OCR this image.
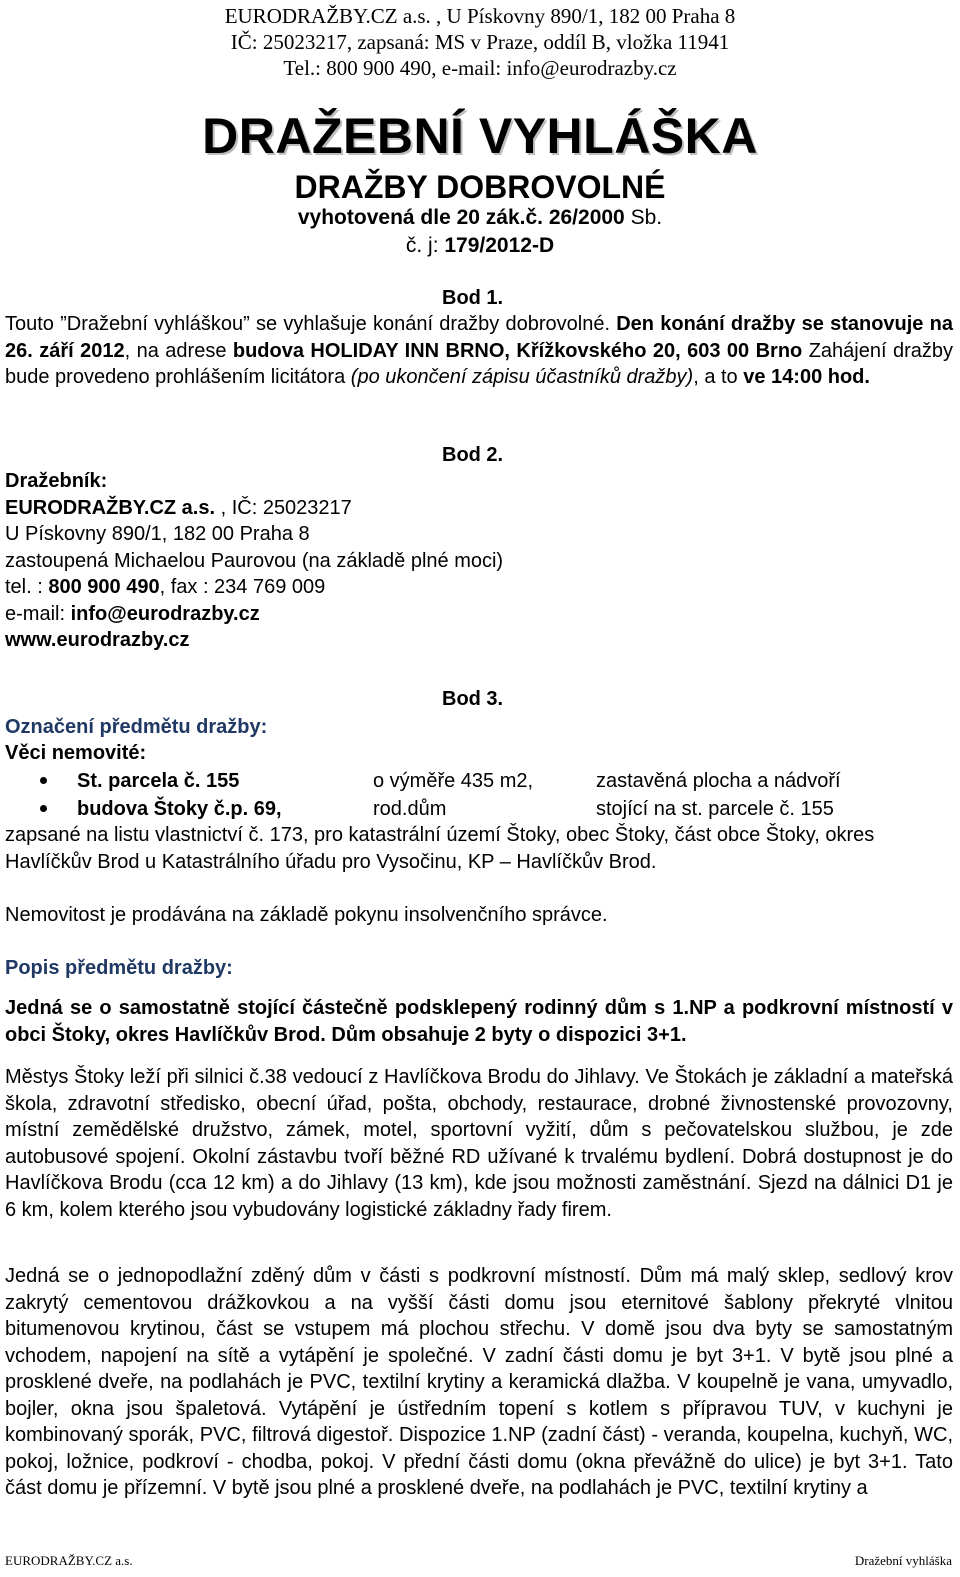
EURODRAŽBY.CZ a.s. , U Pískovny 890/1, 182 00 Praha 8
IČ: 25023217, zapsaná: MS v Praze, oddíl B, vložka 11941
Tel.: 800 900 490, e-mail: info@eurodrazby.cz
DRAŽEBNÍ VYHLÁŠKA
DRAŽBY DOBROVOLNÉ
vyhotovená dle 20 zák.č. 26/2000 Sb.
č. j: 179/2012-D
Bod 1.
Touto ”Dražební vyhláškou” se vyhlašuje konání dražby dobrovolné. Den konání dražby se stanovuje na 26. září 2012, na adrese budova HOLIDAY INN BRNO, Křížkovského 20, 603 00 Brno Zahájení dražby bude provedeno prohlášením licitátora (po ukončení zápisu účastníků dražby), a to ve 14:00 hod.
Bod 2.
Dražebník:
EURODRAŽBY.CZ a.s. , IČ: 25023217
U Pískovny 890/1, 182 00 Praha 8
zastoupená Michaelou Paurovou (na základě plné moci)
tel. : 800 900 490, fax : 234 769 009
e-mail: info@eurodrazby.cz
www.eurodrazby.cz
Bod 3.
Označení předmětu dražby:
Věci nemovité:
St. parcela č. 155	o výměře 435 m2,	zastavěná plocha a nádvoří
budova Štoky č.p. 69,	rod.dům	stojící na st. parcele č. 155
zapsané na listu vlastnictví č. 173, pro katastrální území Štoky, obec Štoky, část obce Štoky, okres Havlíčkův Brod u Katastrálního úřadu pro Vysočinu, KP – Havlíčkův Brod.
Nemovitost je prodávána na základě pokynu insolvenčního správce.
Popis předmětu dražby:
Jedná se o samostatně stojící částečně podsklepený rodinný dům s 1.NP a podkrovní místností v obci Štoky, okres Havlíčkův Brod. Dům obsahuje 2 byty o dispozici 3+1.
Městys Štoky leží při silnici č.38 vedoucí z Havlíčkova Brodu do Jihlavy. Ve Štokách je základní a mateřská škola, zdravotní středisko, obecní úřad, pošta, obchody, restaurace, drobné živnostenské provozovny, místní zemědělské družstvo, zámek, motel, sportovní vyžití, dům s pečovatelskou službou, je zde autobusové spojení. Okolní zástavbu tvoří běžné RD užívané k trvalému bydlení. Dobrá dostupnost je do Havlíčkova Brodu (cca 12 km) a do Jihlavy (13 km), kde jsou možnosti zaměstnání. Sjezd na dálnici D1 je 6 km, kolem kterého jsou vybudovány logistické základny řady firem.
Jedná se o jednopodlažní zděný dům v části s podkrovní místností. Dům má malý sklep, sedlový krov zakrytý cementovou drážkovkou a na vyšší části domu jsou eternitové šablony překryté vlnitou bitumenovou krytinou, část se vstupem má plochou střechu. V domě jsou dva byty se samostatným vchodem, napojení na sítě a vytápění je společné. V zadní části domu je byt 3+1. V bytě jsou plné a prosklené dveře, na podlahách je PVC, textilní krytiny a keramická dlažba. V koupelně je vana, umyvadlo, bojler, okna jsou špaletová. Vytápění je ústředním topení s kotlem s přípravou TUV, v kuchyni je kombinovaný sporák, PVC, filtrová digestoř. Dispozice 1.NP (zadní část) - veranda, koupelna, kuchyň, WC, pokoj, ložnice, podkroví - chodba, pokoj. V přední části domu (okna převážně do ulice) je byt 3+1. Tato část domu je přízemní. V bytě jsou plné a prosklené dveře, na podlahách je PVC, textilní krytiny a
EURODRAŽBY.CZ a.s.	Dražební vyhláška
